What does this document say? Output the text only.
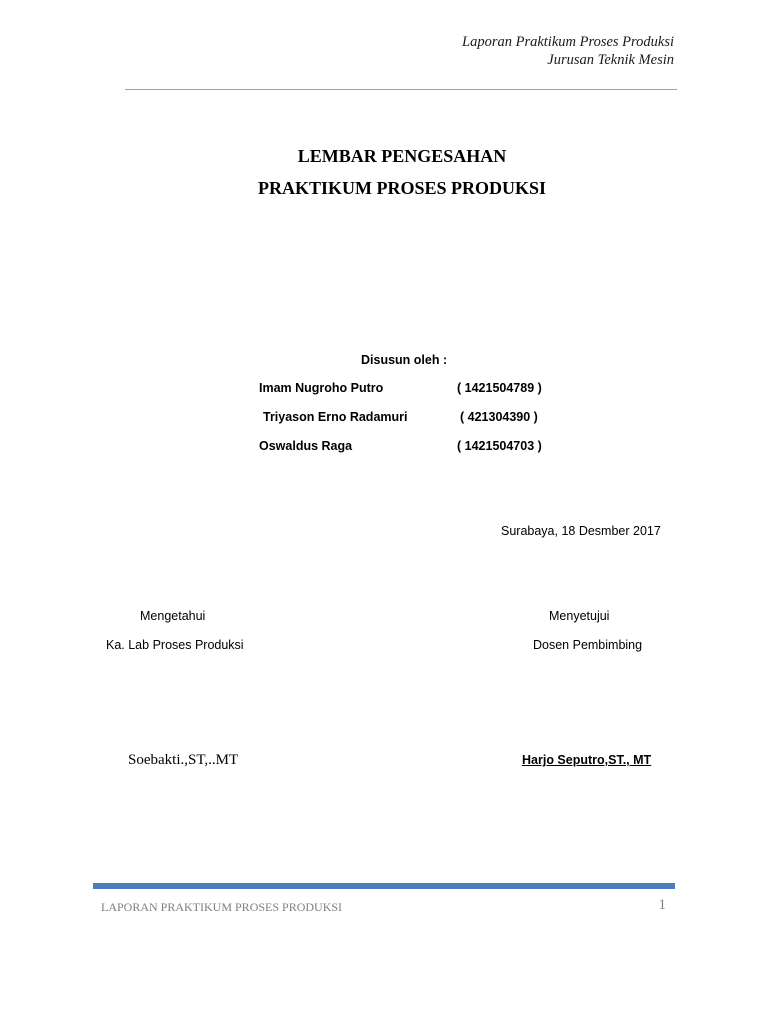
Laporan Praktikum Proses Produksi
Jurusan Teknik Mesin
LEMBAR PENGESAHAN
PRAKTIKUM PROSES PRODUKSI
Disusun oleh :
Imam Nugroho Putro	( 1421504789 )
Triyason Erno Radamuri	( 421304390 )
Oswaldus Raga	( 1421504703 )
Surabaya, 18 Desmber 2017
Mengetahui
Ka. Lab Proses Produksi
Soebakti.,ST,..MT
Menyetujui
Dosen Pembimbing
Harjo Seputro,ST., MT
LAPORAN PRAKTIKUM PROSES PRODUKSI	1
